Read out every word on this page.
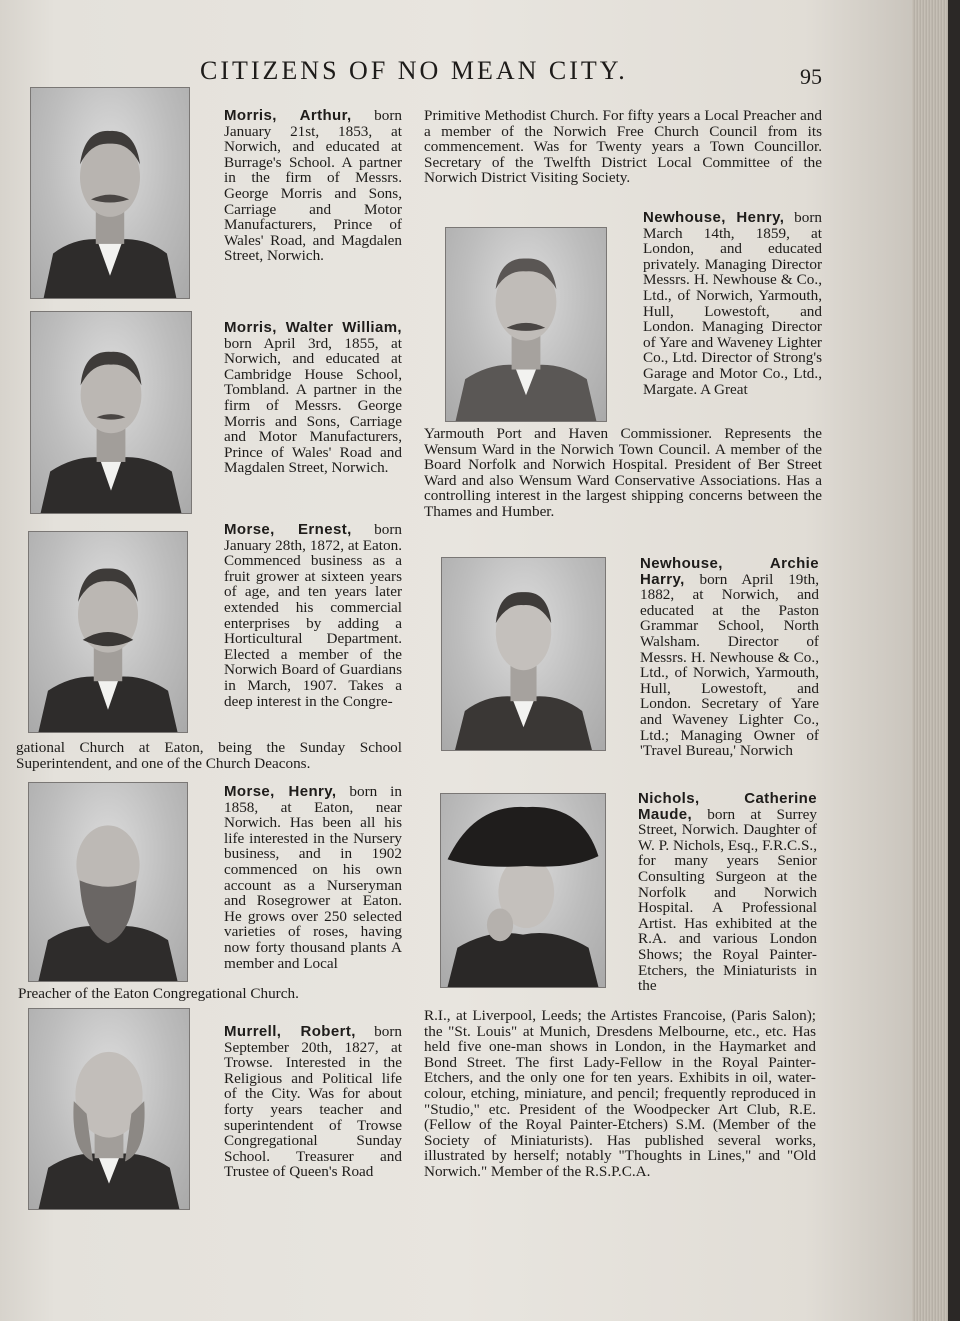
CITIZENS OF NO MEAN CITY.	95

Morris, Arthur, born January 21st, 1853, at Norwich, and educated at Burrage's School. A partner in the firm of Messrs. George Morris and Sons, Carriage and Motor Manufacturers, Prince of Wales' Road, and Magdalen Street, Norwich.

Morris, Walter William, born April 3rd, 1855, at Norwich, and educated at Cambridge House School, Tombland. A partner in the firm of Messrs. George Morris and Sons, Carriage and Motor Manufacturers, Prince of Wales' Road and Magdalen Street, Norwich.

Morse, Ernest, born January 28th, 1872, at Eaton. Commenced business as a fruit grower at sixteen years of age, and ten years later extended his commercial enterprises by adding a Horticultural Department. Elected a member of the Norwich Board of Guardians in March, 1907. Takes a deep interest in the Congre-

gational Church at Eaton, being the Sunday School Superintendent, and one of the Church Deacons.

Morse, Henry, born in 1858, at Eaton, near Norwich. Has been all his life interested in the Nursery business, and in 1902 commenced on his own account as a Nurseryman and Rosegrower at Eaton. He grows over 250 selected varieties of roses, having now forty thousand plants A member and Local

Preacher of the Eaton Congregational Church.

Murrell, Robert, born September 20th, 1827, at Trowse. Interested in the Religious and Political life of the City. Was for about forty years teacher and superintendent of Trowse Congregational Sunday School. Treasurer and Trustee of Queen's Road

Primitive Methodist Church. For fifty years a Local Preacher and a member of the Norwich Free Church Council from its commencement. Was for Twenty years a Town Councillor. Secretary of the Twelfth District Local Committee of the Norwich District Visiting Society.

Newhouse, Henry, born March 14th, 1859, at London, and educated privately. Managing Director Messrs. H. Newhouse & Co., Ltd., of Norwich, Yarmouth, Hull, Lowestoft, and London. Managing Director of Yare and Waveney Lighter Co., Ltd. Director of Strong's Garage and Motor Co., Ltd., Margate. A Great

Yarmouth Port and Haven Commissioner. Represents the Wensum Ward in the Norwich Town Council. A member of the Board Norfolk and Norwich Hospital. President of Ber Street Ward and also Wensum Ward Conservative Associations. Has a controlling interest in the largest shipping concerns between the Thames and Humber.

Newhouse, Archie Harry, born April 19th, 1882, at Norwich, and educated at the Paston Grammar School, North Walsham. Director of Messrs. H. Newhouse & Co., Ltd., of Norwich, Yarmouth, Hull, Lowestoft, and London. Secretary of Yare and Waveney Lighter Co., Ltd.; Managing Owner of 'Travel Bureau,' Norwich

Nichols, Catherine Maude, born at Surrey Street, Norwich. Daughter of W. P. Nichols, Esq., F.R.C.S., for many years Senior Consulting Surgeon at the Norfolk and Norwich Hospital. A Professional Artist. Has exhibited at the R.A. and various London Shows; the Royal Painter-Etchers, the Miniaturists in the

R.I., at Liverpool, Leeds; the Artistes Francoise, (Paris Salon); the "St. Louis" at Munich, Dresdens Melbourne, etc., etc. Has held five one-man shows in London, in the Haymarket and Bond Street. The first Lady-Fellow in the Royal Painter-Etchers, and the only one for ten years. Exhibits in oil, water-colour, etching, miniature, and pencil; frequently reproduced in "Studio," etc. President of the Woodpecker Art Club, R.E. (Fellow of the Royal Painter-Etchers) S.M. (Member of the Society of Miniaturists). Has published several works, illustrated by herself; notably "Thoughts in Lines," and "Old Norwich." Member of the R.S.P.C.A.
